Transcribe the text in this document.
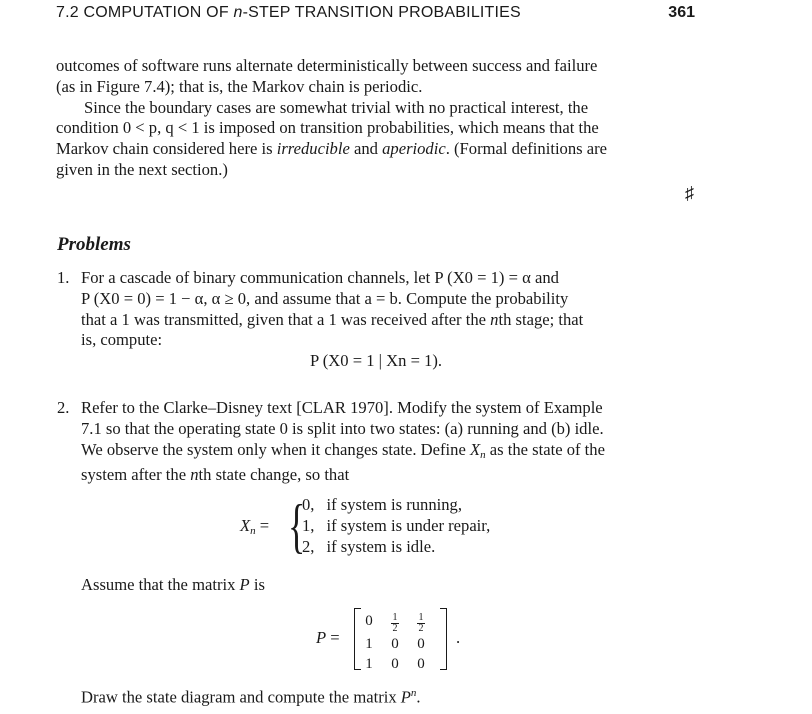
7.2 COMPUTATION OF n-STEP TRANSITION PROBABILITIES	361
outcomes of software runs alternate deterministically between success and failure
(as in Figure 7.4); that is, the Markov chain is periodic.
Since the boundary cases are somewhat trivial with no practical interest, the
condition 0 < p, q < 1 is imposed on transition probabilities, which means that the
Markov chain considered here is irreducible and aperiodic. (Formal definitions are
given in the next section.)
♯
Problems
1. For a cascade of binary communication channels, let P (X0 = 1) = α and
P (X0 = 0) = 1 − α, α ≥ 0, and assume that a = b. Compute the probability
that a 1 was transmitted, given that a 1 was received after the nth stage; that
is, compute:
P (X0 = 1 | Xn = 1).
2. Refer to the Clarke–Disney text [CLAR 1970]. Modify the system of Example
7.1 so that the operating state 0 is split into two states: (a) running and (b) idle.
We observe the system only when it changes state. Define $X_n$ as the state of the
system after the nth state change, so that
$X_n$ = {
0,	if system is running,
1,	if system is under repair,
2,	if system is idle.
Assume that the matrix P is
P =
0	$\frac{1}{2}$	$\frac{1}{2}$

1	0	0
1	0	0
.
Draw the state diagram and compute the matrix $P^n$.
